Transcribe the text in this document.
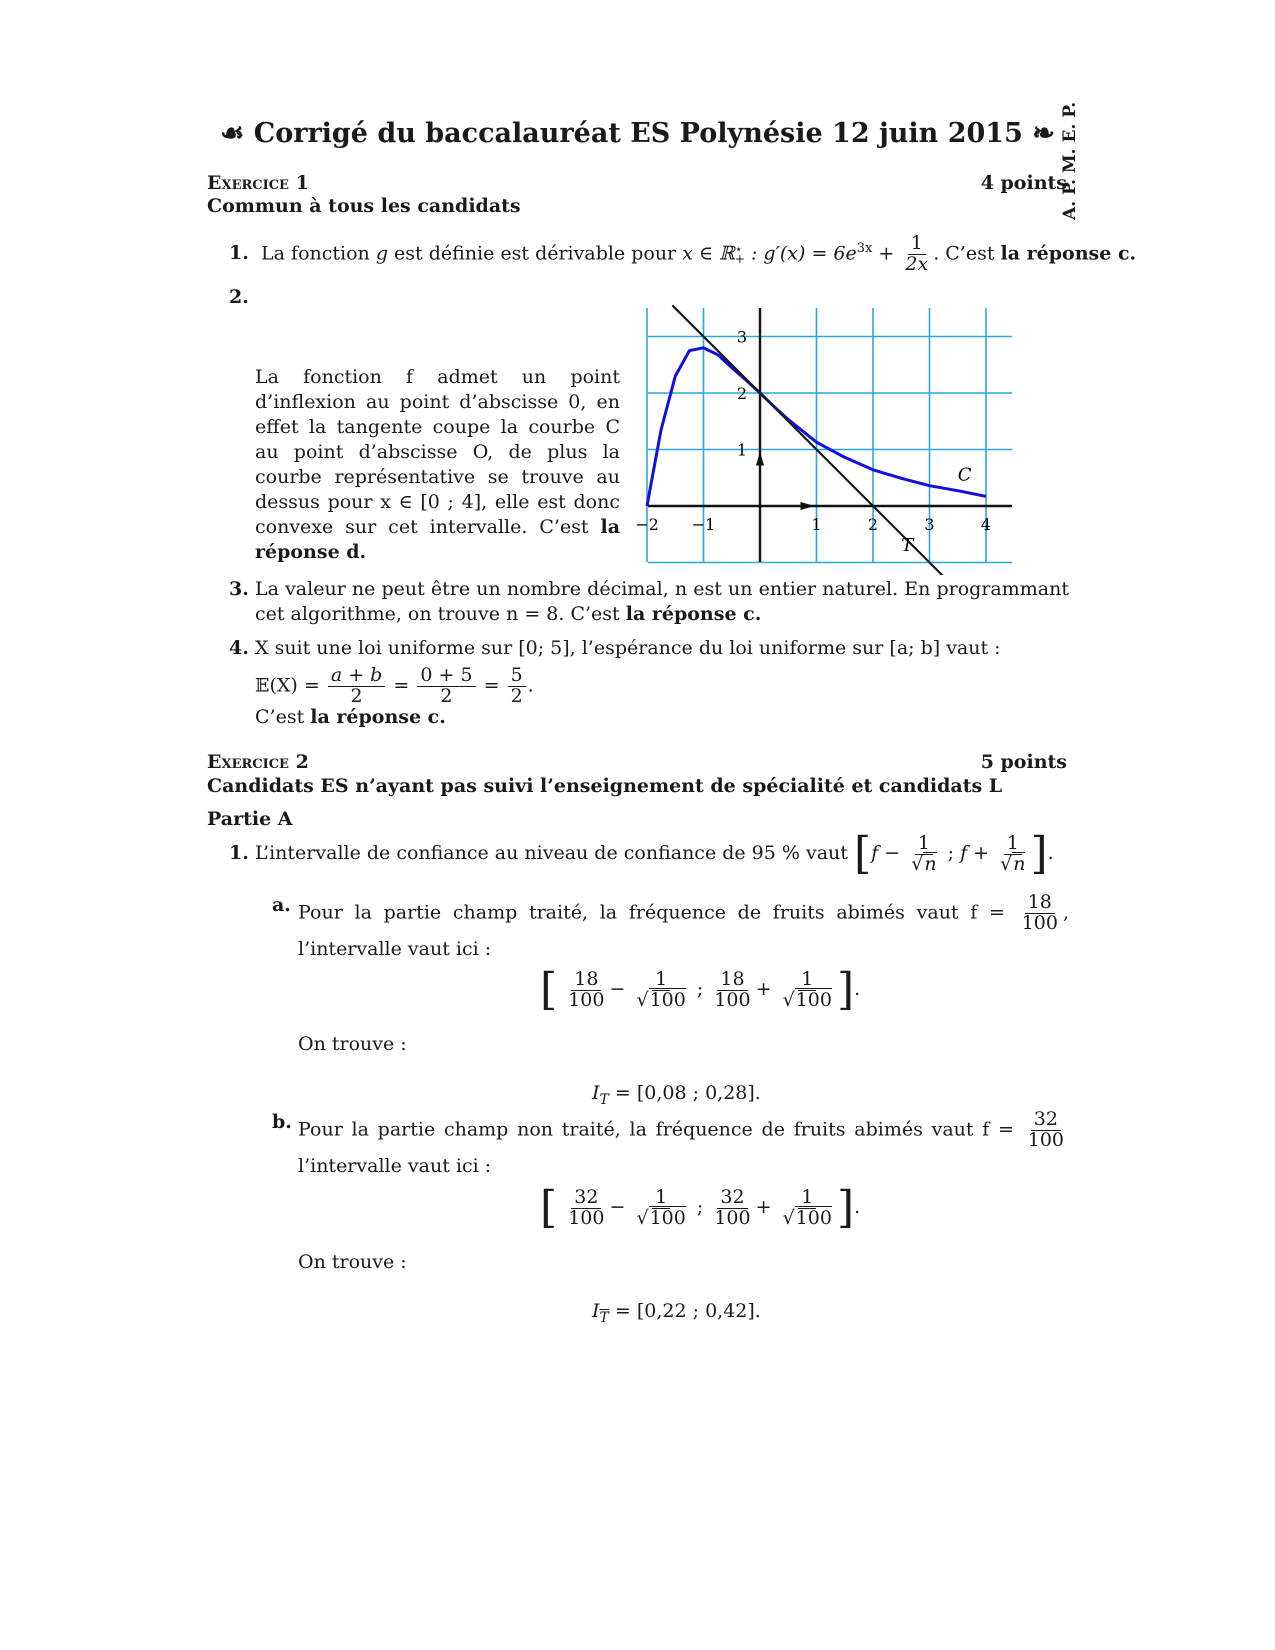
☙ Corrigé du baccalauréat ES Polynésie 12 juin 2015 ❧ A. P. M. E. P.
Exercice 1	4 points
Commun à tous les candidats
1. La fonction g est définie est dérivable pour x ∈ ℝ ⋆
+ : $g'(x) = 6e^{3x} + \frac{1}{2x}$ . C’est la réponse c.
2.
La fonction f admet un point d’inflexion au point d’abscisse 0, en effet la tangente coupe la courbe C au point d’abscisse O, de plus la courbe représentative se trouve au dessus pour x ∈ [0 ; 4], elle est donc convexe sur cet intervalle. C’est la réponse d.
−2 −1	1	2	3	4
1
2
3
C
T
3. La valeur ne peut être un nombre décimal, n est un entier naturel. En programmant cet algorithme, on trouve n = 8. C’est la réponse c.
4. X suit une loi uniforme sur [0; 5], l’espérance du loi uniforme sur [a; b] vaut :
𝔼(X) = $\frac{a + b}{2} = \frac{0 + 5}{2} = \frac{5}{2}$ .
C’est la réponse c.
Exercice 2	5 points
Candidats ES n’ayant pas suivi l’enseignement de spécialité et candidats L
Partie A
1. L’intervalle de confiance au niveau de confiance de 95 % vaut [$f - \frac{1}{√n}$ ; $f + \frac{1}{√n}$ ].
a. Pour la partie champ traité, la fréquence de fruits abimés vaut $f = \frac{18}{100}$ , l’intervalle vaut ici :
[ $\frac{18}{100} - \frac{1}{√100}$ ; $\frac{18}{100} + \frac{1}{√100}$ ].
On trouve :
$I_T = [0,08$ ; 0,28].
b. Pour la partie champ non traité, la fréquence de fruits abimés vaut $f = \frac{32}{100}$
l’intervalle vaut ici :
[ $\frac{32}{100} - \frac{1}{√100}$ ; $\frac{32}{100} + \frac{1}{√100}$ ].
On trouve :
$I_{\overline{T}} = [0,22$ ; 0,42].
